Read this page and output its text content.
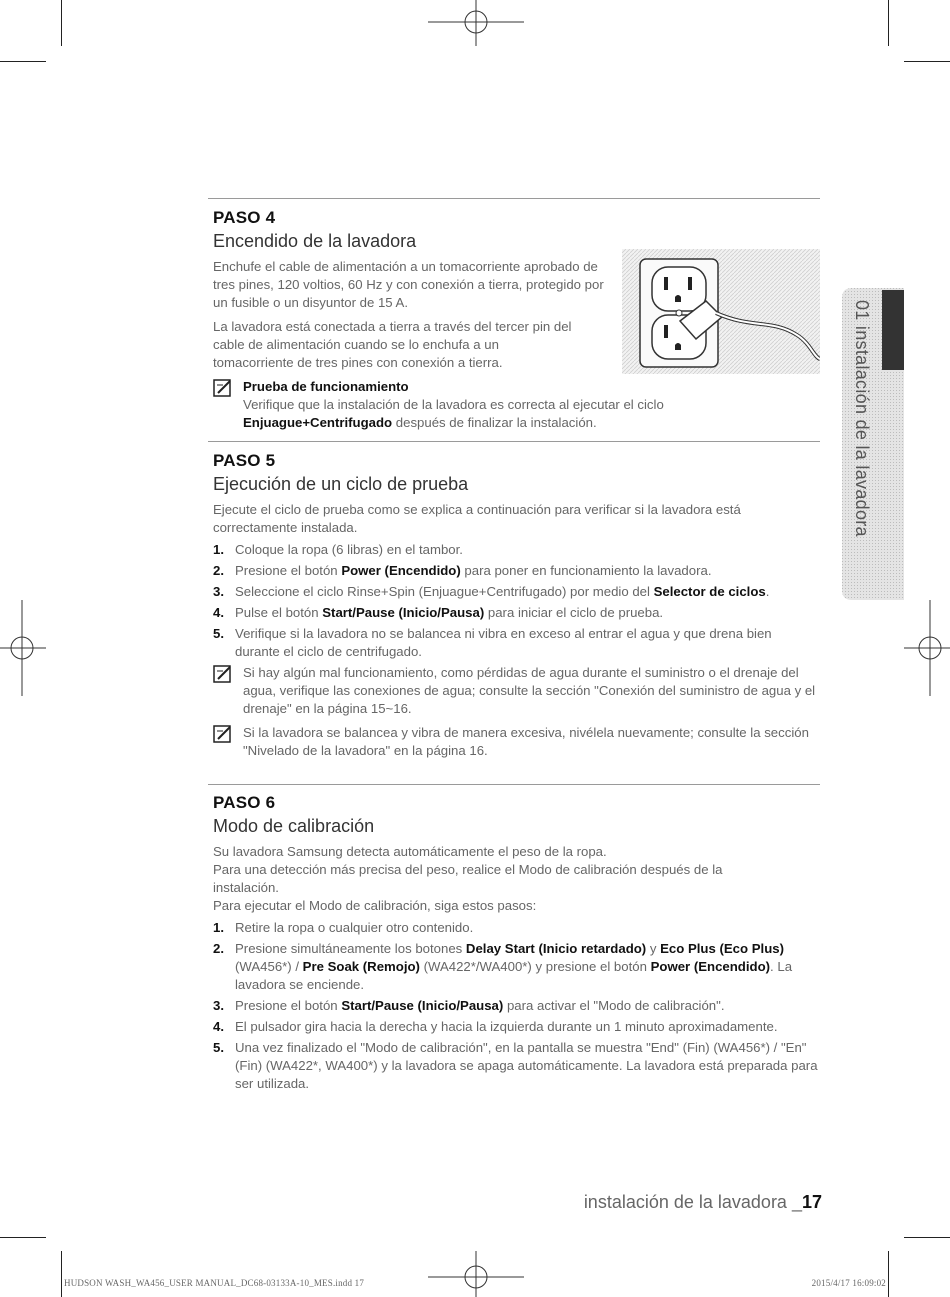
PASO 4
Encendido de la lavadora

Enchufe el cable de alimentación a un tomacorriente aprobado de tres pines, 120 voltios, 60 Hz y con conexión a tierra, protegido por un fusible o un disyuntor de 15 A.

La lavadora está conectada a tierra a través del tercer pin del cable de alimentación cuando se lo enchufa a un tomacorriente de tres pines con conexión a tierra.

Prueba de funcionamiento
Verifique que la instalación de la lavadora es correcta al ejecutar el ciclo
Enjuague+Centrifugado después de finalizar la instalación.
PASO 5
Ejecución de un ciclo de prueba

Ejecute el ciclo de prueba como se explica a continuación para verificar si la lavadora está correctamente instalada.

1. Coloque la ropa (6 libras) en el tambor.
2. Presione el botón Power (Encendido) para poner en funcionamiento la lavadora.
3. Seleccione el ciclo Rinse+Spin (Enjuague+Centrifugado) por medio del Selector de ciclos.
4. Pulse el botón Start/Pause (Inicio/Pausa) para iniciar el ciclo de prueba.
5. Verifique si la lavadora no se balancea ni vibra en exceso al entrar el agua y que drena bien durante el ciclo de centrifugado.
Si hay algún mal funcionamiento, como pérdidas de agua durante el suministro o el drenaje del agua, verifique las conexiones de agua; consulte la sección "Conexión del suministro de agua y el drenaje" en la página 15~16.
Si la lavadora se balancea y vibra de manera excesiva, nivélela nuevamente; consulte la sección "Nivelado de la lavadora" en la página 16.
PASO 6
Modo de calibración

Su lavadora Samsung detecta automáticamente el peso de la ropa.

Para una detección más precisa del peso, realice el Modo de calibración después de la instalación.

Para ejecutar el Modo de calibración, siga estos pasos:

1. Retire la ropa o cualquier otro contenido.
2. Presione simultáneamente los botones Delay Start (Inicio retardado) y Eco Plus (Eco Plus) (WA456*) / Pre Soak (Remojo) (WA422*/WA400*) y presione el botón Power (Encendido). La lavadora se enciende.
3. Presione el botón Start/Pause (Inicio/Pausa) para activar el "Modo de calibración".
4. El pulsador gira hacia la derecha y hacia la izquierda durante un 1 minuto aproximadamente.
5. Una vez finalizado el "Modo de calibración", en la pantalla se muestra "End" (Fin) (WA456*) / "En" (Fin) (WA422*, WA400*) y la lavadora se apaga automáticamente. La lavadora está preparada para ser utilizada.
instalación de la lavadora _17
HUDSON WASH_WA456_USER MANUAL_DC68-03133A-10_MES.indd 17	2015/4/17 16:09:02
